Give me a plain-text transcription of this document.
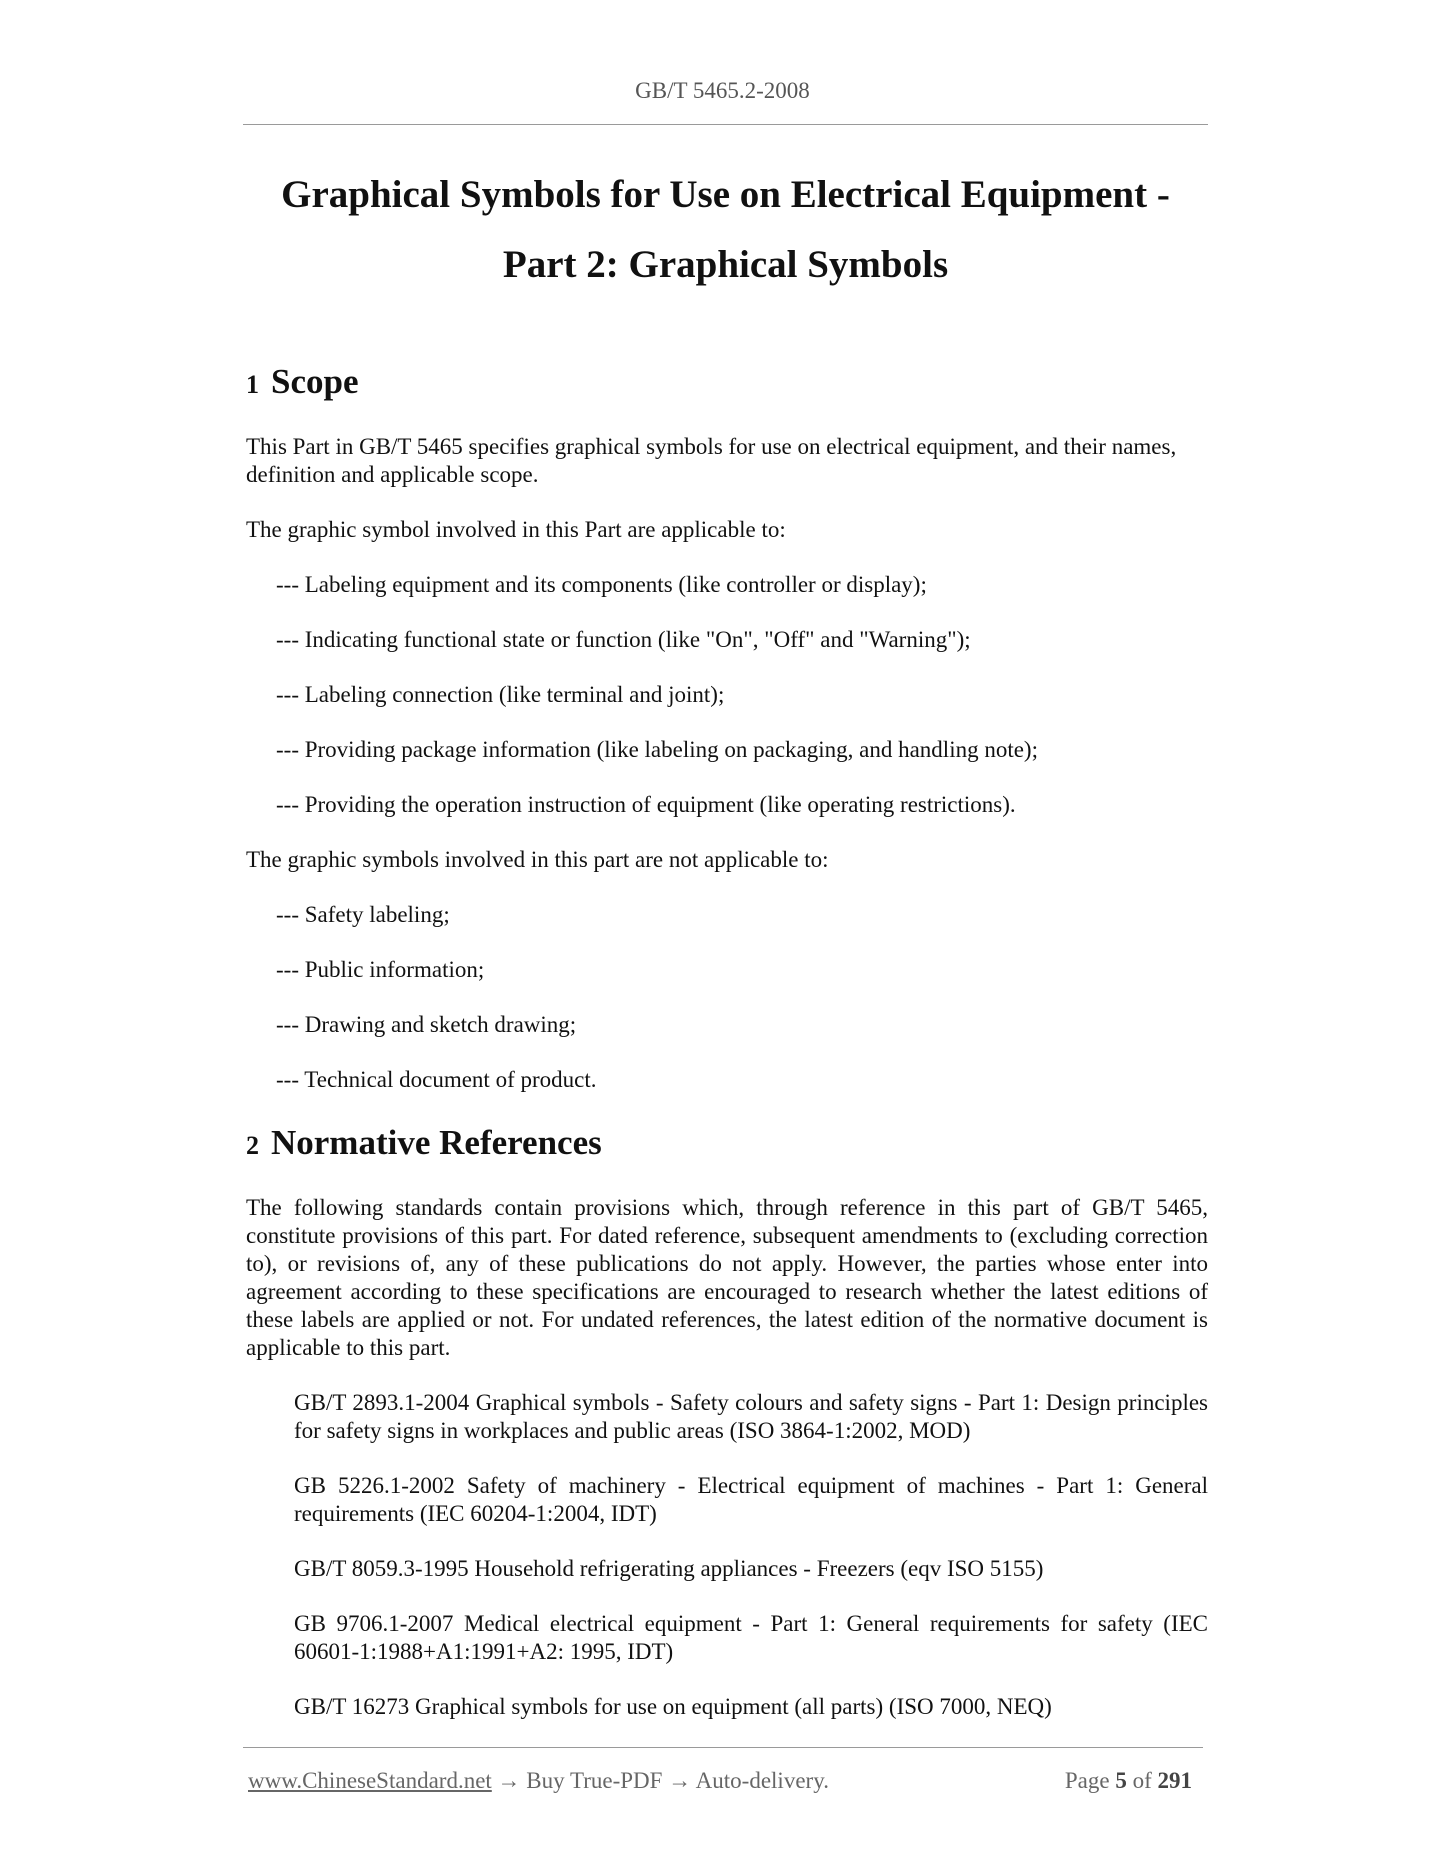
GB/T 5465.2-2008
Graphical Symbols for Use on Electrical Equipment -
Part 2: Graphical Symbols
1 Scope

This Part in GB/T 5465 specifies graphical symbols for use on electrical equipment, and their names, definition and applicable scope.

The graphic symbol involved in this Part are applicable to:

--- Labeling equipment and its components (like controller or display);

--- Indicating functional state or function (like "On", "Off" and "Warning");

--- Labeling connection (like terminal and joint);

--- Providing package information (like labeling on packaging, and handling note);

--- Providing the operation instruction of equipment (like operating restrictions).

The graphic symbols involved in this part are not applicable to:

--- Safety labeling;

--- Public information;

--- Drawing and sketch drawing;

--- Technical document of product.

2 Normative References

The following standards contain provisions which, through reference in this part of GB/T 5465, constitute provisions of this part. For dated reference, subsequent amendments to (excluding correction to), or revisions of, any of these publications do not apply. However, the parties whose enter into agreement according to these specifications are encouraged to research whether the latest editions of these labels are applied or not. For undated references, the latest edition of the normative document is applicable to this part.

GB/T 2893.1-2004 Graphical symbols - Safety colours and safety signs - Part 1: Design principles for safety signs in workplaces and public areas (ISO 3864-1:2002, MOD)

GB 5226.1-2002 Safety of machinery - Electrical equipment of machines - Part 1: General requirements (IEC 60204-1:2004, IDT)

GB/T 8059.3-1995 Household refrigerating appliances - Freezers (eqv ISO 5155)

GB 9706.1-2007 Medical electrical equipment - Part 1: General requirements for safety (IEC 60601-1:1988+A1:1991+A2: 1995, IDT)

GB/T 16273 Graphical symbols for use on equipment (all parts) (ISO 7000, NEQ)

www.ChineseStandard.net → Buy True-PDF → Auto-delivery.	Page 5 of 291
